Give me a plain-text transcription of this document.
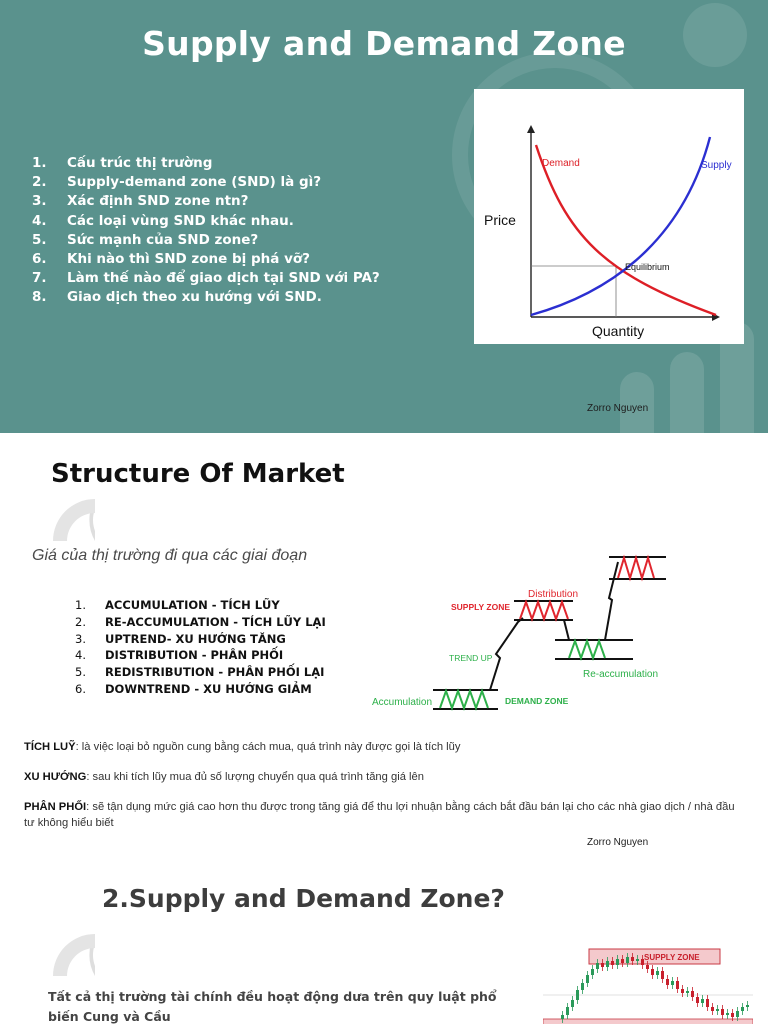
Supply and Demand Zone
1. Cấu trúc thị trường
2. Supply-demand zone (SND) là gì?
3. Xác định SND zone ntn?
4. Các loại vùng SND khác nhau.
5. Sức mạnh của SND zone?
6. Khi nào thì SND zone bị phá vỡ?
7. Làm thế nào để giao dịch tại SND với PA?
8. Giao dịch theo xu hướng với SND.
Demand	Supply
Price
Quantity
Equilibrium
Zorro Nguyen
Structure Of Market
Giá của thị trường đi qua các giai đoạn
1. ACCUMULATION - TÍCH LŨY
2. RE-ACCUMULATION - TÍCH LŨY LẠI
3. UPTREND- XU HƯỚNG TĂNG
4. DISTRIBUTION - PHÂN PHỐI
5. REDISTRIBUTION - PHÂN PHỐI LẠI
6. DOWNTREND - XU HƯỚNG GIẢM
Distribution
SUPPLY ZONE
TREND UP
Re-accumulation
Accumulation	DEMAND ZONE
TÍCH LUỸ: là việc loại bỏ nguồn cung bằng cách mua, quá trình này được gọi là tích lũy
XU HƯỚNG: sau khi tích lũy mua đủ số lượng chuyển qua quá trình tăng giá lên
PHÂN PHỐI: sẽ tận dụng mức giá cao hơn thu được trong tăng giá để thu lợi nhuận bằng cách bắt đầu bán lại cho các nhà giao dịch / nhà đầu tư không hiểu biết
Zorro Nguyen
2.Supply and Demand Zone?
Tất cả thị trường tài chính đều hoạt động dưa trên quy luật phổ biến Cung và Cầu
SUPPLY ZONE
